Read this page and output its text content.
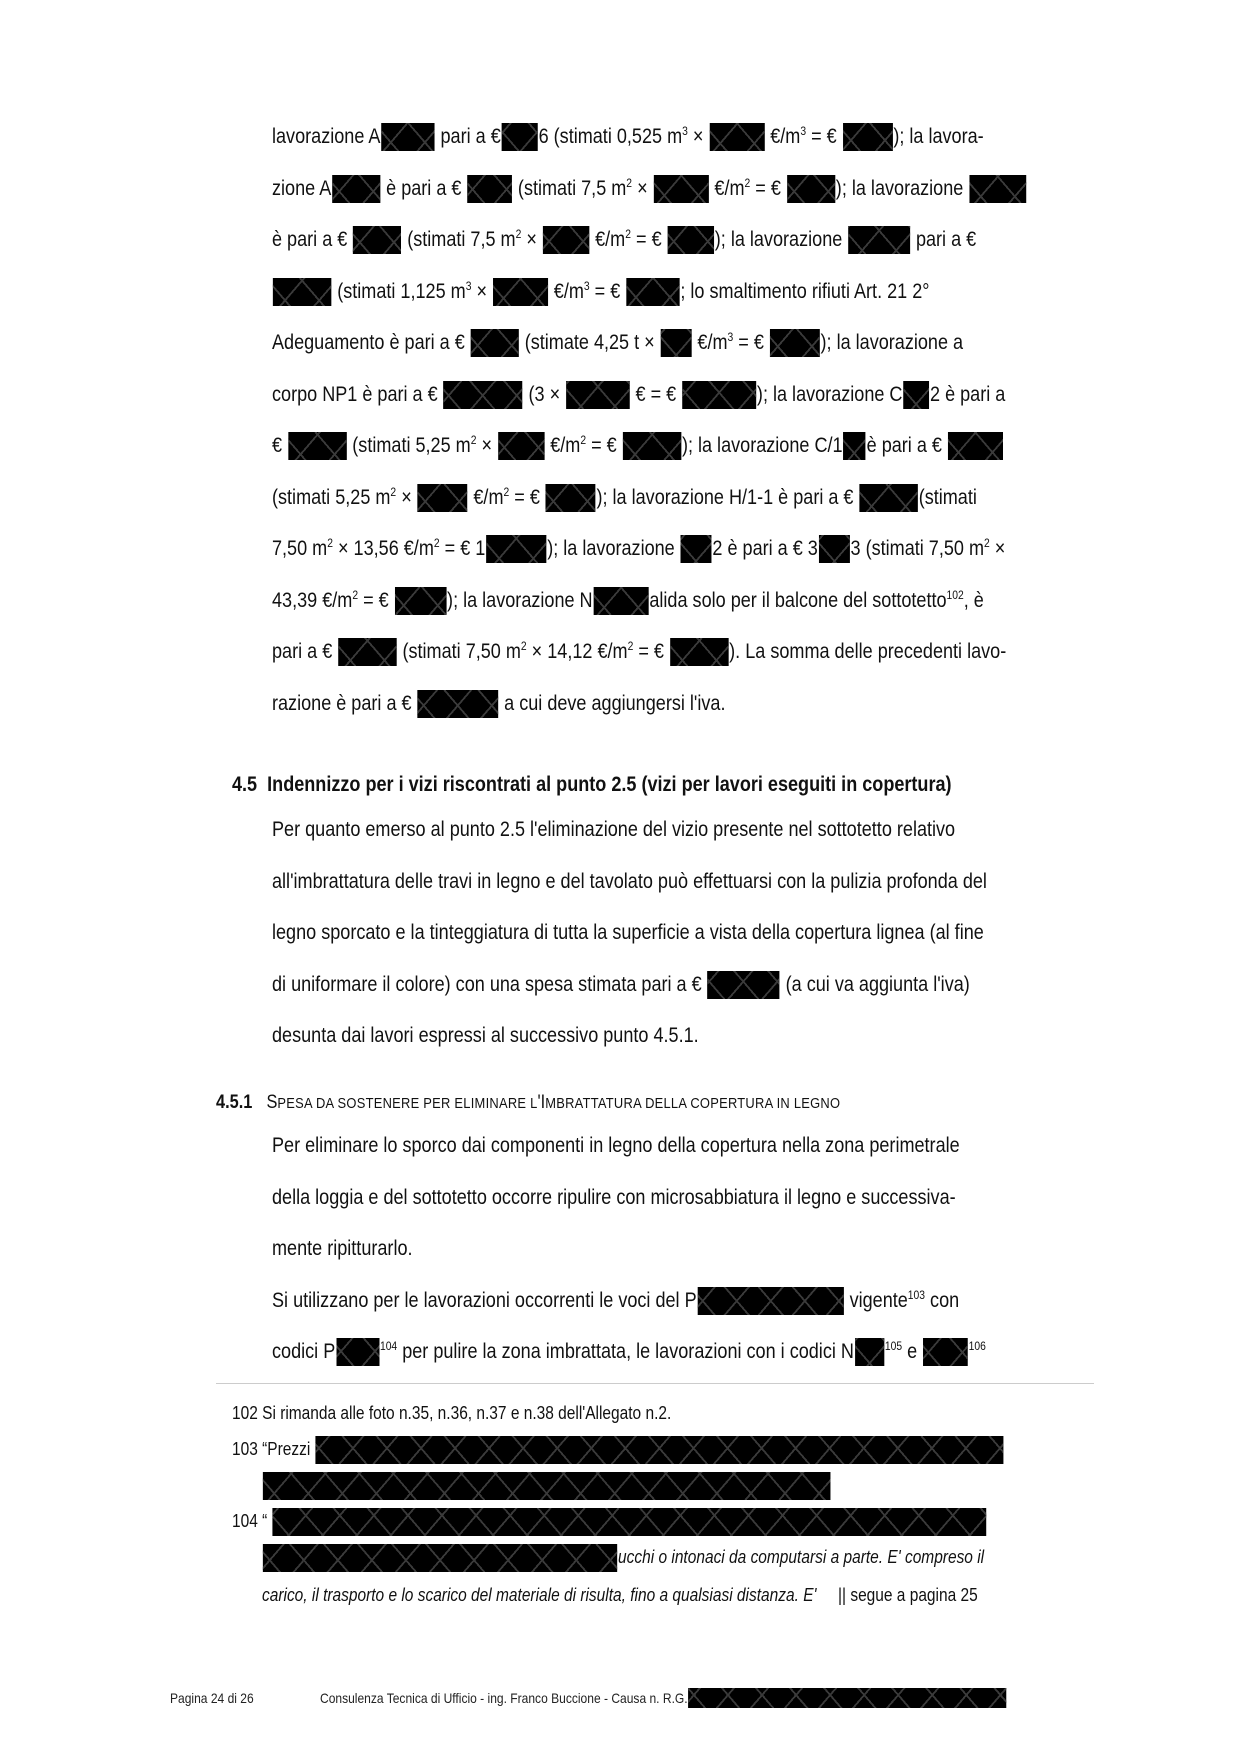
lavorazione A	pari a € 6 (stimati 0,525 $m^3$ ×	$€/m^3$ = € ); la lavora-
zione A è pari a €  (stimati 7,5 $m^2$ ×	$€/m^2$ = € ); la lavorazione
è pari a €  (stimati 7,5 $m^2$ ×  $€/m^2$ = € ); la lavorazione	pari a €
(stimati 1,125 $m^3$ ×	$€/m^3$ = €	; lo smaltimento rifiuti Art. 21 2°
Adeguamento è pari a €  (stimate 4,25 $t \times €/m^3$ = € ); la lavorazione a
corpo NP1 è pari a €	(3 ×	€ = €	); la lavorazione C 2 è pari a
€	(stimati 5,25 $m^2$ ×  $€/m^2$ = €	); la lavorazione C/1 è pari a €
(stimati 5,25 $m^2$ ×  $€/m^2$ = € ); la lavorazione H/1-1 è pari a €	(stimati
7,50 $m^2 \times 13,56$ $€/m^2$ = € 1	); la lavorazione 2 è pari a € 3 3 (stimati 7,50 $m^2$ ×
43,39 $€/m^2$ = €	); la lavorazione N	alida solo per il balcone del sottotetto$^{102}$, è
pari a €	(stimati 7,50 $m^2 \times 14,12$ $€/m^2$ = €	). La somma delle precedenti lavo-
razione è pari a €	a cui deve aggiungersi l'iva.
4.5 Indennizzo per i vizi riscontrati al punto 2.5 (vizi per lavori eseguiti in copertura)
Per quanto emerso al punto 2.5 l'eliminazione del vizio presente nel sottotetto relativo
all'imbrattatura delle travi in legno e del tavolato può effettuarsi con la pulizia profonda del
legno sporcato e la tinteggiatura di tutta la superficie a vista della copertura lignea (al fine
di uniformare il colore) con una spesa stimata pari a €	(a cui va aggiunta l'iva)
desunta dai lavori espressi al successivo punto 4.5.1.
4.5.1 SPESA DA SOSTENERE PER ELIMINARE L'IMBRATTATURA DELLA COPERTURA IN LEGNO
Per eliminare lo sporco dai componenti in legno della copertura nella zona perimetrale
della loggia e del sottotetto occorre ripulire con microsabbiatura il legno e successiva-
mente ripitturarlo.
Si utilizzano per le lavorazioni occorrenti le voci del P	vigente$^{103}$ con
codici P	$^{104}$ per pulire la zona imbrattata, le lavorazioni con i codici N	$^{105}$ e	$^{106}$
102 Si rimanda alle foto n.35, n.36, n.37 e n.38 dell'Allegato n.2.
103 “Prezzi
104 “
ucchi o intonaci da computarsi a parte. E' compreso il
carico, il trasporto e lo scarico del materiale di risulta, fino a qualsiasi distanza. E' || segue a pagina 25
Pagina 24 di 26	Consulenza Tecnica di Ufficio - ing. Franco Buccione - Causa n. R.G.
